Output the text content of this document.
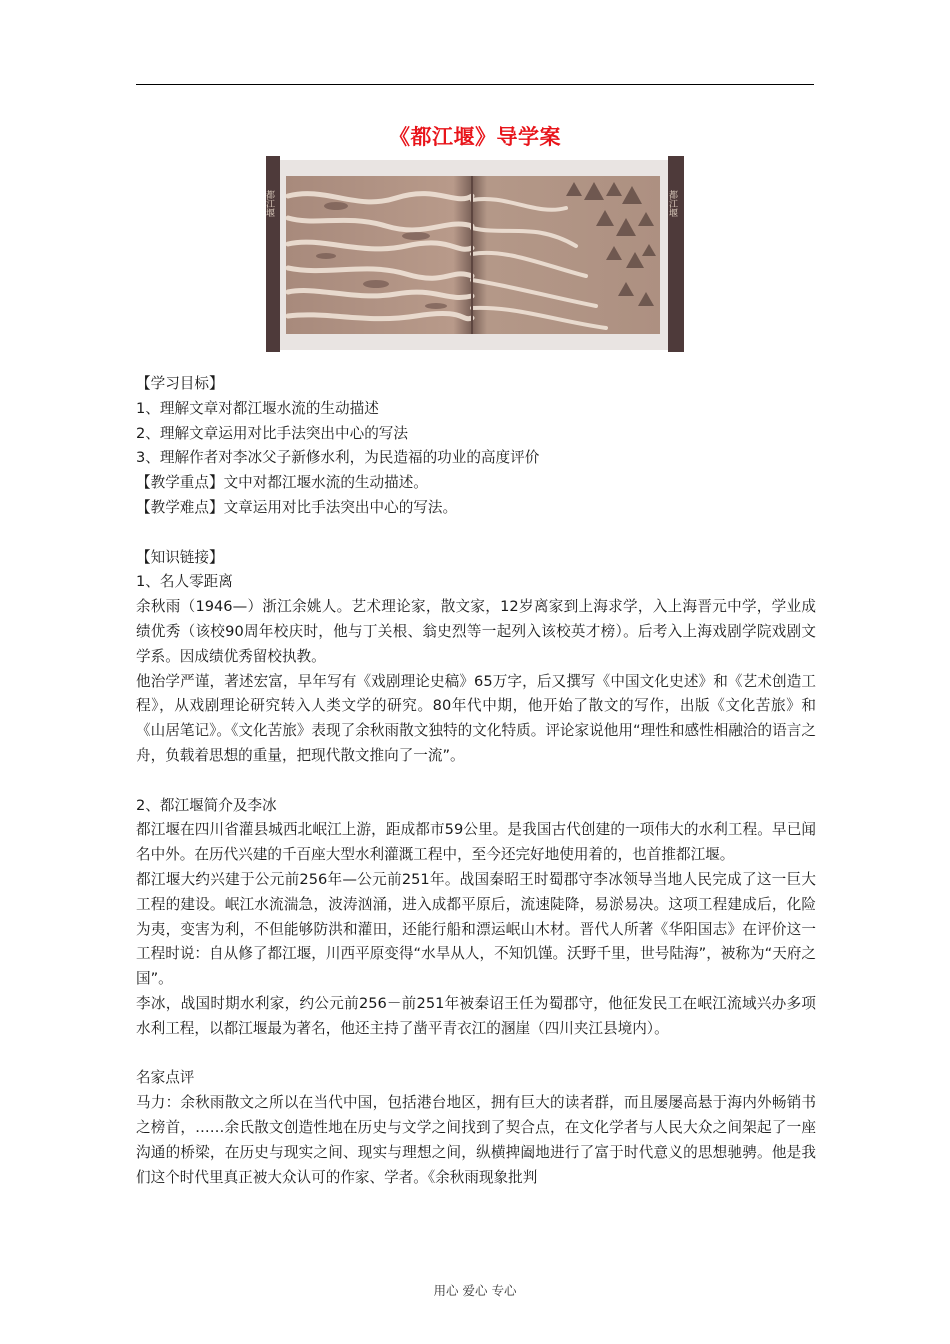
《都江堰》导学案
都江堰	都江堰

【学习目标】

1、理解文章对都江堰水流的生动描述

2、理解文章运用对比手法突出中心的写法

3、理解作者对李冰父子新修水利，为民造福的功业的高度评价

【教学重点】文中对都江堰水流的生动描述。

【教学难点】文章运用对比手法突出中心的写法。

【知识链接】

1、名人零距离

余秋雨（1946—）浙江余姚人。艺术理论家，散文家，12岁离家到上海求学，入上海晋元中学，学业成绩优秀（该校90周年校庆时，他与丁关根、翁史烈等一起列入该校英才榜）。后考入上海戏剧学院戏剧文学系。因成绩优秀留校执教。

他治学严谨，著述宏富，早年写有《戏剧理论史稿》65万字，后又撰写《中国文化史述》和《艺术创造工程》，从戏剧理论研究转入人类文学的研究。80年代中期，他开始了散文的写作，出版《文化苦旅》和《山居笔记》。《文化苦旅》表现了余秋雨散文独特的文化特质。评论家说他用“理性和感性相融洽的语言之舟，负载着思想的重量，把现代散文推向了一流”。

2、都江堰简介及李冰

都江堰在四川省灌县城西北岷江上游，距成都市59公里。是我国古代创建的一项伟大的水利工程。早已闻名中外。在历代兴建的千百座大型水利灌溉工程中，至今还完好地使用着的，也首推都江堰。

都江堰大约兴建于公元前256年—公元前251年。战国秦昭王时蜀郡守李冰领导当地人民完成了这一巨大工程的建设。岷江水流湍急，波涛汹涌，进入成都平原后，流速陡降，易淤易决。这项工程建成后，化险为夷，变害为利，不但能够防洪和灌田，还能行船和漂运岷山木材。晋代人所著《华阳国志》在评价这一工程时说：自从修了都江堰，川西平原变得“水旱从人，不知饥馑。沃野千里，世号陆海”，被称为“天府之国”。

李冰，战国时期水利家，约公元前256－前251年被秦诏王任为蜀郡守，他征发民工在岷江流域兴办多项水利工程，以都江堰最为著名，他还主持了凿平青衣江的溷崖（四川夹江县境内）。

名家点评

马力：余秋雨散文之所以在当代中国，包括港台地区，拥有巨大的读者群，而且屡屡高悬于海内外畅销书之榜首，……余氏散文创造性地在历史与文学之间找到了契合点，在文化学者与人民大众之间架起了一座沟通的桥梁，在历史与现实之间、现实与理想之间，纵横捭阖地进行了富于时代意义的思想驰骋。他是我们这个时代里真正被大众认可的作家、学者。《余秋雨现象批判

用心 爱心 专心
